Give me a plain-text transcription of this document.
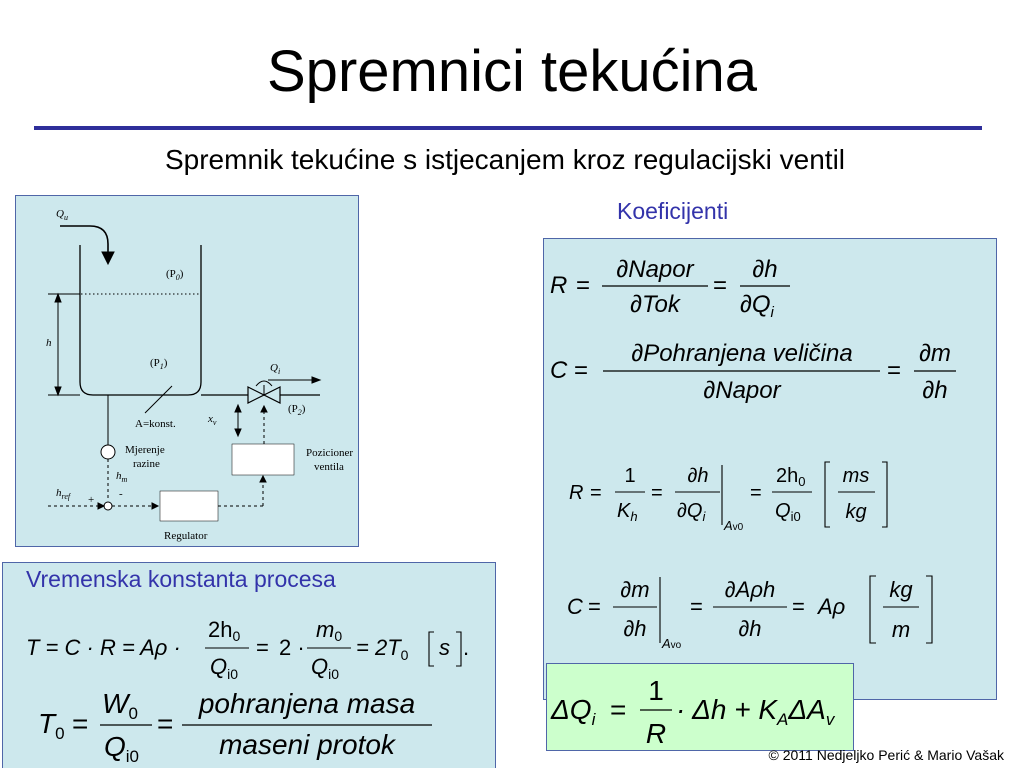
Spremnici tekućina
Spremnik tekućine s istjecanjem kroz regulacijski ventil
Koeficijenti
Vremenska konstanta procesa
© 2011 Nedjeljko Perić & Mario Vašak
$Q_u$
$(P_0)$
h
$(P_1)$	$Q_i$
$(P_2)$
A=konst.	$x_v$
Mjerenje
razine
$h_m$
$h_{ref}$ + -
Pozicioner
ventila
Regulator
R =
∂Napor
∂Tok
=
∂h
$\partial Q_i$
C =
∂Pohranjena veličina
∂Napor
=
∂m
∂h
R =
1
$K_h$
=
∂h
$\partial Q_i$
Av0
=
$2h_0$
$Q_{i0}$
ms
kg
C =
∂m
∂h
Avo
=
∂Aρh
∂h
= Aρ
kg
m
$\Delta Q_i$ =
1
R
· $\Delta h + K_A\Delta A_v$
T = C · R = Aρ ·
2h0
$Q_{i0}$
= 2 ·
m0
$Q_{i0}$
= $2T_0$ s .
$T_0$ =
$W_0$
$Q_{i0}$
=
pohranjena masa
maseni protok
